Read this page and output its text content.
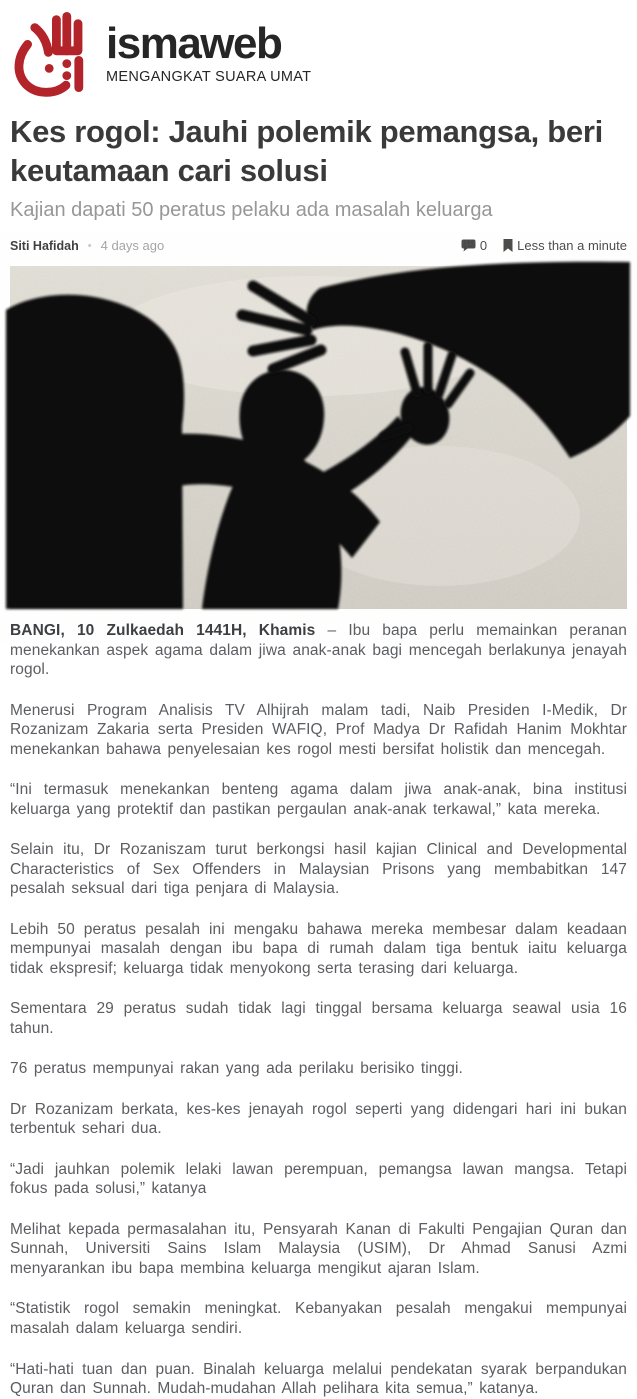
ismaweb
MENGANGKAT SUARA UMAT
Kes rogol: Jauhi polemik pemangsa, beri keutamaan cari solusi
Kajian dapati 50 peratus pelaku ada masalah keluarga
Siti Hafidah • 4 days ago	0 Less than a minute

BANGI, 10 Zulkaedah 1441H, Khamis – Ibu bapa perlu memainkan peranan menekankan aspek agama dalam jiwa anak-anak bagi mencegah berlakunya jenayah rogol.

Menerusi Program Analisis TV Alhijrah malam tadi, Naib Presiden I-Medik, Dr Rozanizam Zakaria serta Presiden WAFIQ, Prof Madya Dr Rafidah Hanim Mokhtar menekankan bahawa penyelesaian kes rogol mesti bersifat holistik dan mencegah.

“Ini termasuk menekankan benteng agama dalam jiwa anak-anak, bina institusi keluarga yang protektif dan pastikan pergaulan anak-anak terkawal,” kata mereka.

Selain itu, Dr Rozaniszam turut berkongsi hasil kajian Clinical and Developmental Characteristics of Sex Offenders in Malaysian Prisons yang membabitkan 147 pesalah seksual dari tiga penjara di Malaysia.

Lebih 50 peratus pesalah ini mengaku bahawa mereka membesar dalam keadaan mempunyai masalah dengan ibu bapa di rumah dalam tiga bentuk iaitu keluarga tidak ekspresif; keluarga tidak menyokong serta terasing dari keluarga.

Sementara 29 peratus sudah tidak lagi tinggal bersama keluarga seawal usia 16 tahun.

76 peratus mempunyai rakan yang ada perilaku berisiko tinggi.

Dr Rozanizam berkata, kes-kes jenayah rogol seperti yang didengari hari ini bukan terbentuk sehari dua.

“Jadi jauhkan polemik lelaki lawan perempuan, pemangsa lawan mangsa. Tetapi fokus pada solusi,” katanya

Melihat kepada permasalahan itu, Pensyarah Kanan di Fakulti Pengajian Quran dan Sunnah, Universiti Sains Islam Malaysia (USIM), Dr Ahmad Sanusi Azmi menyarankan ibu bapa membina keluarga mengikut ajaran Islam.

“Statistik rogol semakin meningkat. Kebanyakan pesalah mengakui mempunyai masalah dalam keluarga sendiri.

“Hati-hati tuan dan puan. Binalah keluarga melalui pendekatan syarak berpandukan Quran dan Sunnah. Mudah-mudahan Allah pelihara kita semua,” katanya.
